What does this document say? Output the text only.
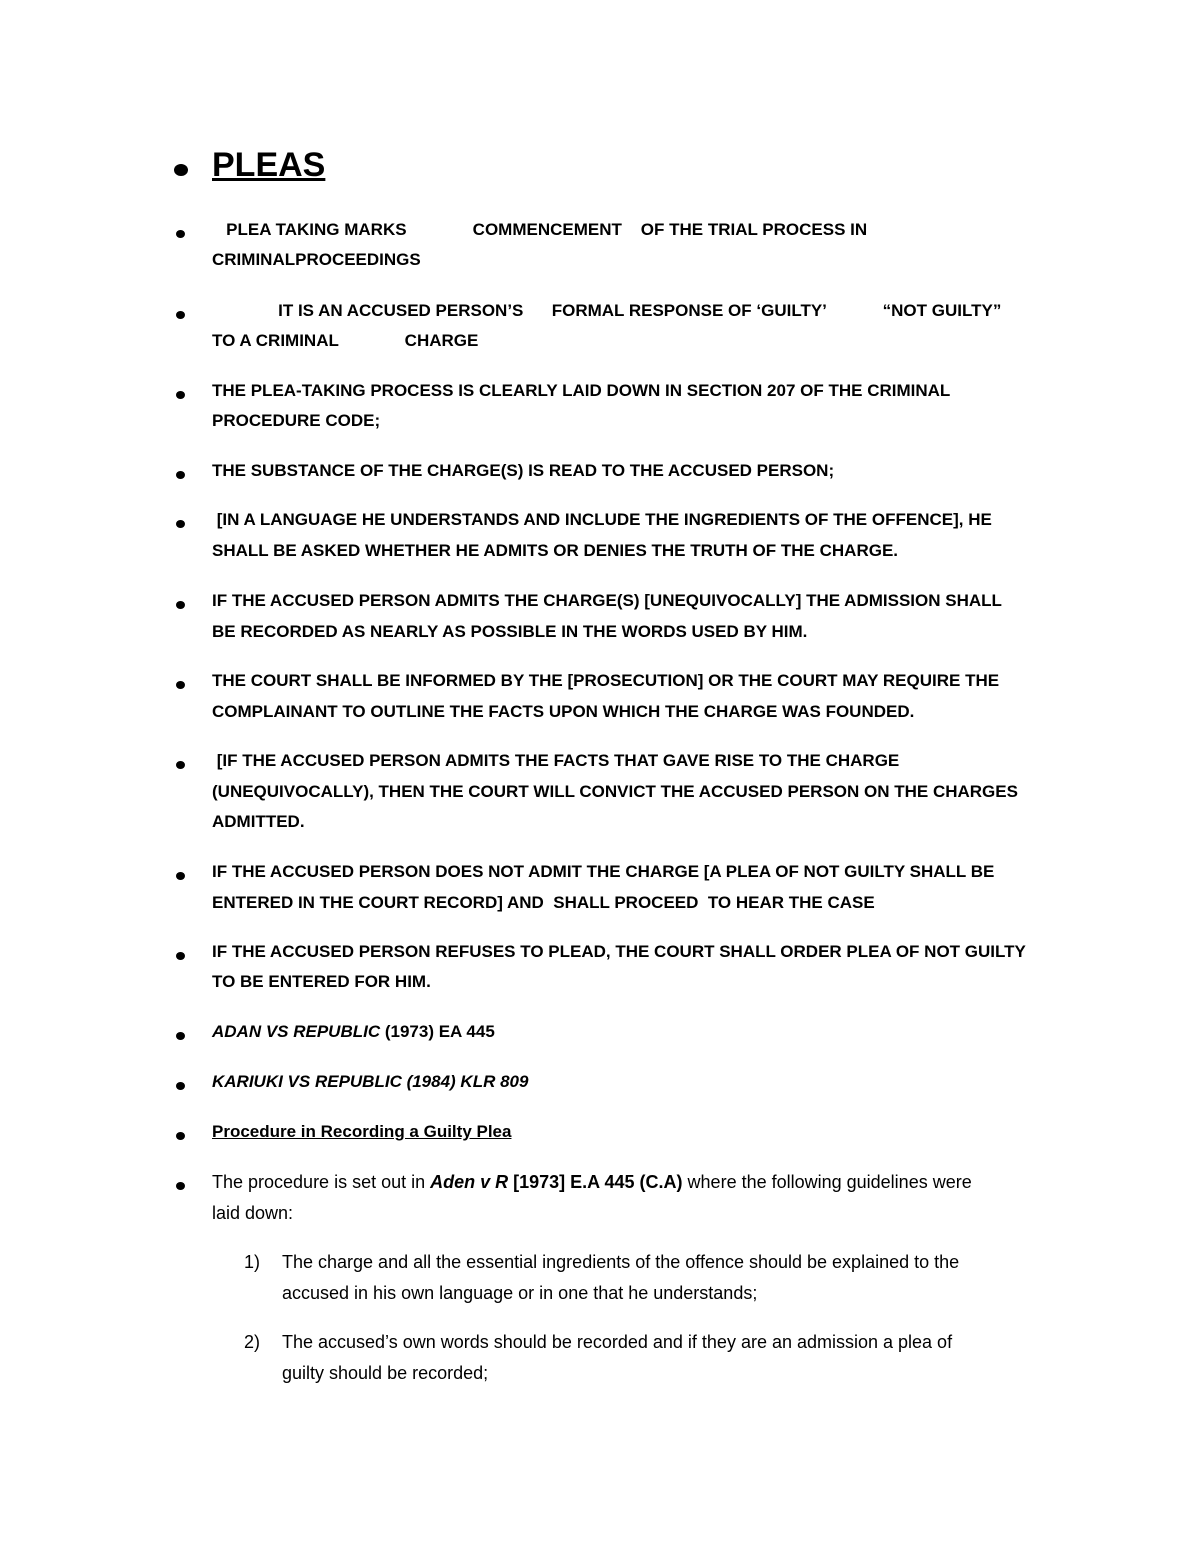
PLEAS
PLEA TAKING MARKS              COMMENCEMENT    OF THE TRIAL PROCESS IN
CRIMINALPROCEEDINGS
IT IS AN ACCUSED PERSON’S      FORMAL RESPONSE OF ‘GUILTY’            “NOT GUILTY”
TO A CRIMINAL              CHARGE
THE PLEA-TAKING PROCESS IS CLEARLY LAID DOWN IN SECTION 207 OF THE CRIMINAL
PROCEDURE CODE;
THE SUBSTANCE OF THE CHARGE(S) IS READ TO THE ACCUSED PERSON;
[IN A LANGUAGE HE UNDERSTANDS AND INCLUDE THE INGREDIENTS OF THE OFFENCE], HE
SHALL BE ASKED WHETHER HE ADMITS OR DENIES THE TRUTH OF THE CHARGE.
IF THE ACCUSED PERSON ADMITS THE CHARGE(S) [UNEQUIVOCALLY] THE ADMISSION SHALL
BE RECORDED AS NEARLY AS POSSIBLE IN THE WORDS USED BY HIM.
THE COURT SHALL BE INFORMED BY THE [PROSECUTION] OR THE COURT MAY REQUIRE THE
COMPLAINANT TO OUTLINE THE FACTS UPON WHICH THE CHARGE WAS FOUNDED.
[IF THE ACCUSED PERSON ADMITS THE FACTS THAT GAVE RISE TO THE CHARGE
(UNEQUIVOCALLY), THEN THE COURT WILL CONVICT THE ACCUSED PERSON ON THE CHARGES
ADMITTED.
IF THE ACCUSED PERSON DOES NOT ADMIT THE CHARGE [A PLEA OF NOT GUILTY SHALL BE
ENTERED IN THE COURT RECORD] AND  SHALL PROCEED  TO HEAR THE CASE
IF THE ACCUSED PERSON REFUSES TO PLEAD, THE COURT SHALL ORDER PLEA OF NOT GUILTY
TO BE ENTERED FOR HIM.
ADAN VS REPUBLIC (1973) EA 445
KARIUKI VS REPUBLIC (1984) KLR 809
Procedure in Recording a Guilty Plea
The procedure is set out in Aden v R [1973] E.A 445 (C.A) where the following guidelines were
laid down:
1) The charge and all the essential ingredients of the offence should be explained to the
accused in his own language or in one that he understands;
2) The accused’s own words should be recorded and if they are an admission a plea of
guilty should be recorded;
